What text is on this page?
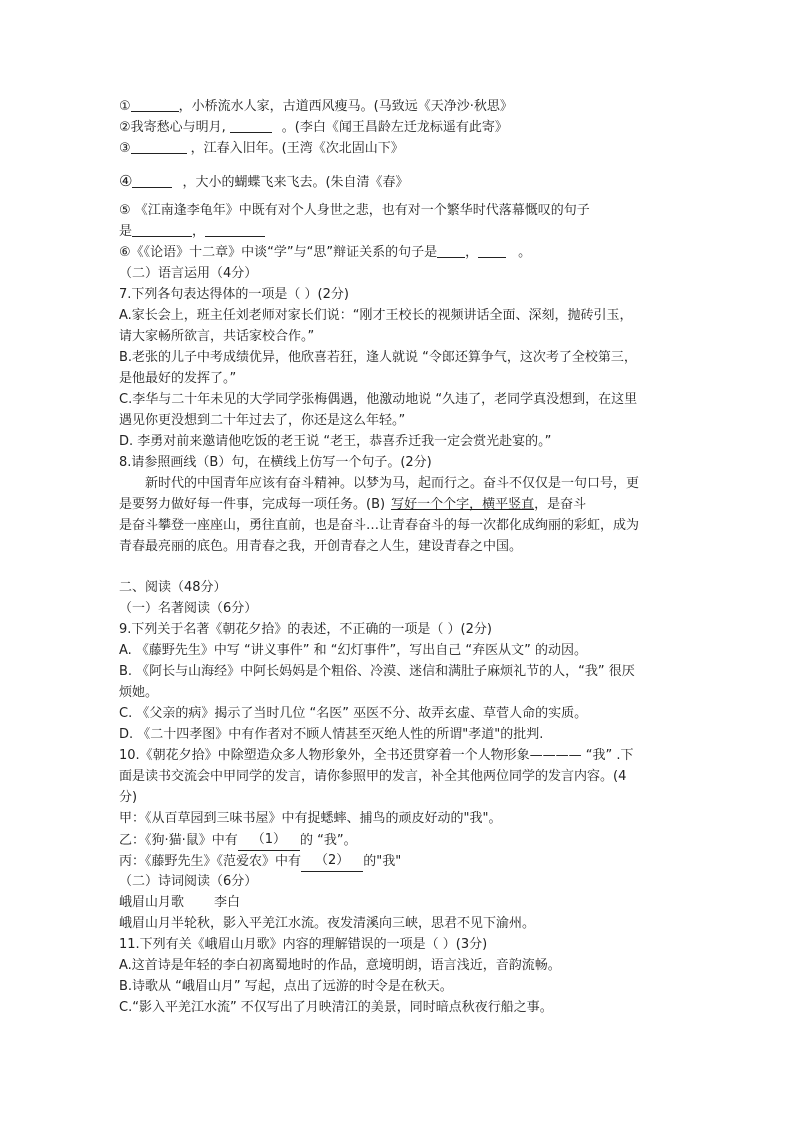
①	，小桥流水人家，古道西风瘦马。(马致远《天净沙·秋思》
②我寄愁心与明月,	。(李白《闻王昌龄左迁龙标遥有此寄》
③	，江春入旧年。(王湾《次北固山下》
④	，大小的蝴蝶飞来飞去。(朱自清《春》
⑤ 《江南逢李龟年》中既有对个人身世之悲，也有对一个繁华时代落幕慨叹的句子
是	，
⑥《《论语》十二章》中谈“学”与“思”辩证关系的句子是 ，	。
（二）语言运用（4分）
7.下列各句表达得体的一项是（ ）(2分)
A.家长会上，班主任刘老师对家长们说：“刚才王校长的视频讲话全面、深刻，抛砖引玉，
请大家畅所欲言，共话家校合作。”
B.老张的儿子中考成绩优异，他欣喜若狂，逢人就说 “令郎还算争气，这次考了全校第三，
是他最好的发挥了。”
C.李华与二十年未见的大学同学张梅偶遇，他激动地说 “久违了，老同学真没想到，在这里
遇见你更没想到二十年过去了，你还是这么年轻。”
D. 李勇对前来邀请他吃饭的老王说 “老王，恭喜乔迁我一定会赏光赴宴的。”
8.请参照画线（B）句，在横线上仿写一个句子。(2分)
新时代的中国青年应该有奋斗精神。以梦为马，起而行之。奋斗不仅仅是一句口号，更
是要努力做好每一件事，完成每一项任务。(B) 写好一个个字，横平竖直，是奋斗
是奋斗攀登一座座山，勇往直前，也是奋斗…让青春奋斗的每一次都化成绚丽的彩虹，成为
青春最亮丽的底色。用青春之我，开创青春之人生，建设青春之中国。
二、阅读（48分）
（一）名著阅读（6分）
9.下列关于名著《朝花夕拾》的表述，不正确的一项是（ ）(2分)
A. 《藤野先生》中写 “讲义事件” 和 “幻灯事件”，写出自己 “弃医从文” 的动因。
B. 《阿长与山海经》中阿长妈妈是个粗俗、冷漠、迷信和满肚子麻烦礼节的人，“我” 很厌
烦她。
C. 《父亲的病》揭示了当时几位 “名医” 巫医不分、故弄玄虚、草菅人命的实质。
D. 《二十四孝图》中有作者对不顾人情甚至灭绝人性的所谓"孝道"的批判.
10.《朝花夕拾》中除塑造众多人物形象外，全书还贯穿着一个人物形象———— “我” .下
面是读书交流会中甲同学的发言，请你参照甲的发言，补全其他两位同学的发言内容。(4
分)
甲：《从百草园到三味书屋》中有捉蟋蟀、捕鸟的顽皮好动的"我"。
乙：《狗·猫·鼠》中有 （1） 的 “我”。
丙：《藤野先生》《范爱农》中有 （2） 的"我"
（二）诗词阅读（6分）
峨眉山月歌 李白
峨眉山月半轮秋，影入平羌江水流。夜发清溪向三峡，思君不见下渝州。
11.下列有关《峨眉山月歌》内容的理解错误的一项是（ ）(3分)
A.这首诗是年轻的李白初离蜀地时的作品，意境明朗，语言浅近，音韵流畅。
B.诗歌从 “峨眉山月” 写起，点出了远游的时令是在秋天。
C.“影入平羌江水流” 不仅写出了月映清江的美景，同时暗点秋夜行船之事。
